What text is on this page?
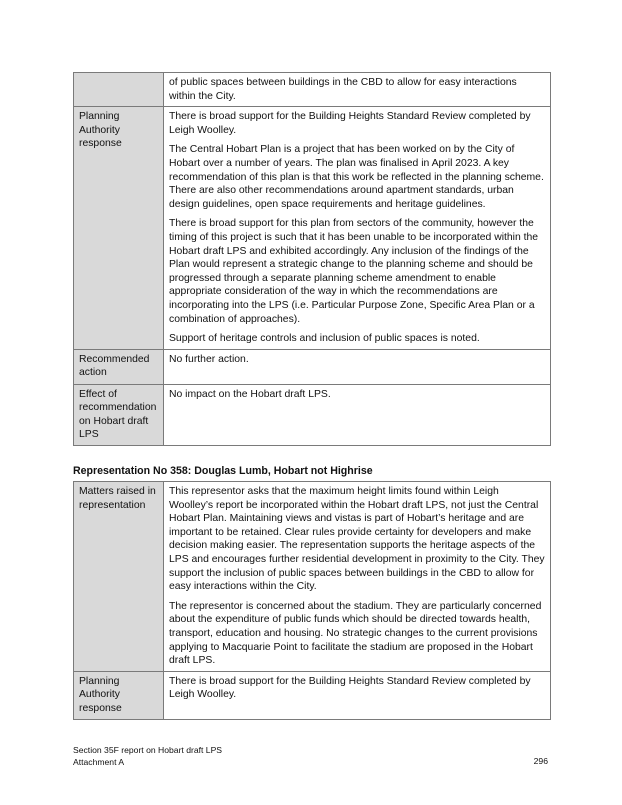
	of public spaces between buildings in the CBD to allow for easy interactions within the City.

Planning Authority response	There is broad support for the Building Heights Standard Review completed by Leigh Woolley.

The Central Hobart Plan is a project that has been worked on by the City of Hobart over a number of years. The plan was finalised in April 2023. A key recommendation of this plan is that this work be reflected in the planning scheme. There are also other recommendations around apartment standards, urban design guidelines, open space requirements and heritage guidelines.

There is broad support for this plan from sectors of the community, however the timing of this project is such that it has been unable to be incorporated within the Hobart draft LPS and exhibited accordingly. Any inclusion of the findings of the Plan would represent a strategic change to the planning scheme and should be progressed through a separate planning scheme amendment to enable appropriate consideration of the way in which the recommendations are incorporating into the LPS (i.e. Particular Purpose Zone, Specific Area Plan or a combination of approaches).

Support of heritage controls and inclusion of public spaces is noted.

Recommended action	No further action.
Effect of recommendation on Hobart draft LPS	No impact on the Hobart draft LPS.
Representation No 358: Douglas Lumb, Hobart not Highrise
Matters raised in representation	This representor asks that the maximum height limits found within Leigh Woolley’s report be incorporated within the Hobart draft LPS, not just the Central Hobart Plan. Maintaining views and vistas is part of Hobart’s heritage and are important to be retained. Clear rules provide certainty for developers and make decision making easier. The representation supports the heritage aspects of the LPS and encourages further residential development in proximity to the City. They support the inclusion of public spaces between buildings in the CBD to allow for easy interactions within the City.

The representor is concerned about the stadium. They are particularly concerned about the expenditure of public funds which should be directed towards health, transport, education and housing. No strategic changes to the current provisions applying to Macquarie Point to facilitate the stadium are proposed in the Hobart draft LPS.

Planning Authority response	There is broad support for the Building Heights Standard Review completed by Leigh Woolley.

Section 35F report on Hobart draft LPS
Attachment A	296
